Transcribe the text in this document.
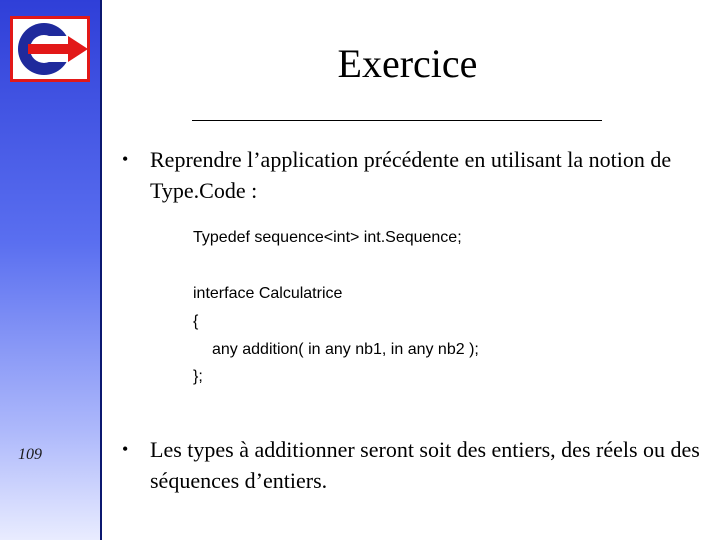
109
Exercice
• Reprendre l’application précédente en utilisant la notion de Type.Code :
Typedef sequence<int> int.Sequence;
interface Calculatrice
{
any addition( in any nb1, in any nb2 );
};
• Les types à additionner seront soit des entiers, des réels ou des séquences d’entiers.
